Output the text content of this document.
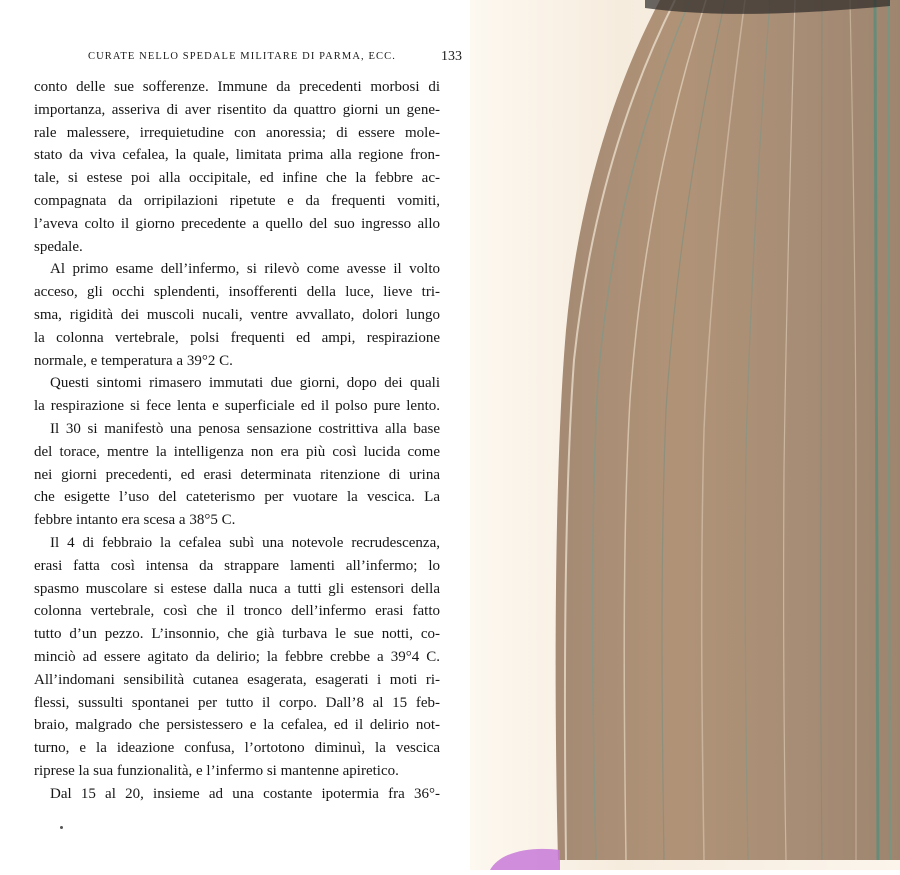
CURATE NELLO SPEDALE MILITARE DI PARMA, ECC.	133
conto delle sue sofferenze. Immune da precedenti morbosi di
importanza, asseriva di aver risentito da quattro giorni un gene-
rale malessere, irrequietudine con anoressia; di essere mole-
stato da viva cefalea, la quale, limitata prima alla regione fron-
tale, si estese poi alla occipitale, ed infine che la febbre ac-
compagnata da orripilazioni ripetute e da frequenti vomiti,
l’aveva colto il giorno precedente a quello del suo ingresso allo
spedale.
Al primo esame dell’infermo, si rilevò come avesse il volto
acceso, gli occhi splendenti, insofferenti della luce, lieve tri-
sma, rigidità dei muscoli nucali, ventre avvallato, dolori lungo
la colonna vertebrale, polsi frequenti ed ampi, respirazione
normale, e temperatura a 39°2 C.
Questi sintomi rimasero immutati due giorni, dopo dei quali
la respirazione si fece lenta e superficiale ed il polso pure lento.
Il 30 si manifestò una penosa sensazione costrittiva alla base
del torace, mentre la intelligenza non era più così lucida come
nei giorni precedenti, ed erasi determinata ritenzione di urina
che esigette l’uso del cateterismo per vuotare la vescica. La
febbre intanto era scesa a 38°5 C.
Il 4 di febbraio la cefalea subì una notevole recrudescenza,
erasi fatta così intensa da strappare lamenti all’infermo; lo
spasmo muscolare si estese dalla nuca a tutti gli estensori della
colonna vertebrale, così che il tronco dell’infermo erasi fatto
tutto d’un pezzo. L’insonnio, che già turbava le sue notti, co-
minciò ad essere agitato da delirio; la febbre crebbe a 39°4 C.
All’indomani sensibilità cutanea esagerata, esagerati i moti ri-
flessi, sussulti spontanei per tutto il corpo. Dall’8 al 15 feb-
braio, malgrado che persistessero e la cefalea, ed il delirio not-
turno, e la ideazione confusa, l’ortotono diminuì, la vescica
riprese la sua funzionalità, e l’infermo si mantenne apiretico.
Dal 15 al 20, insieme ad una costante ipotermia fra 36°-
